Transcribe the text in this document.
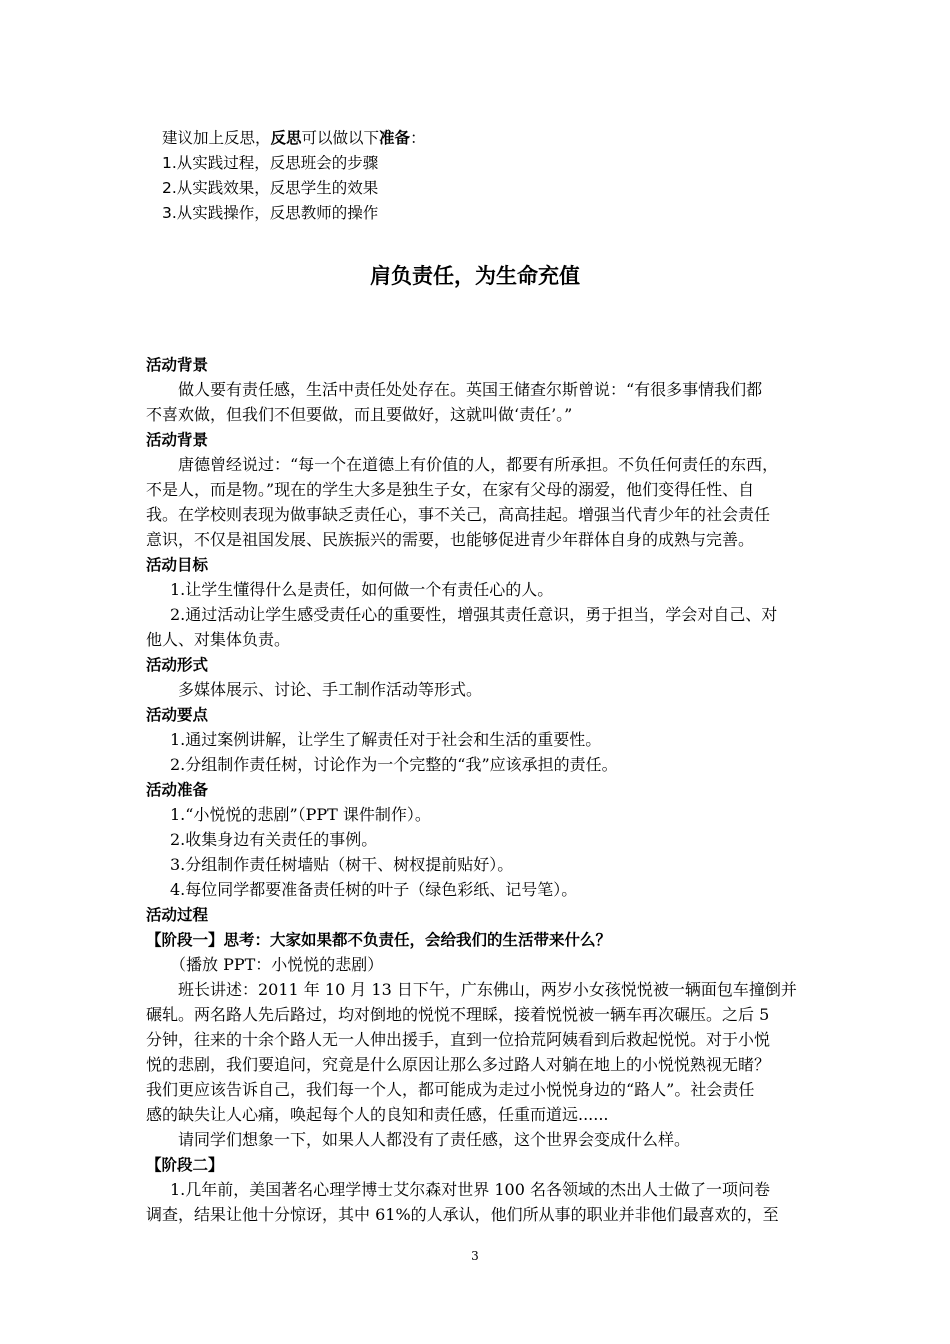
建议加上反思，反思可以做以下准备：
1.从实践过程，反思班会的步骤
2.从实践效果，反思学生的效果
3.从实践操作，反思教师的操作
肩负责任，为生命充值
活动背景
做人要有责任感，生活中责任处处存在。英国王储查尔斯曾说：“有很多事情我们都
不喜欢做，但我们不但要做，而且要做好，这就叫做‘责任’。”
活动背景
唐德曾经说过：“每一个在道德上有价值的人，都要有所承担。不负任何责任的东西，
不是人，而是物。”现在的学生大多是独生子女，在家有父母的溺爱，他们变得任性、自
我。在学校则表现为做事缺乏责任心，事不关己，高高挂起。增强当代青少年的社会责任
意识，不仅是祖国发展、民族振兴的需要，也能够促进青少年群体自身的成熟与完善。
活动目标
1.让学生懂得什么是责任，如何做一个有责任心的人。
2.通过活动让学生感受责任心的重要性，增强其责任意识，勇于担当，学会对自己、对
他人、对集体负责。
活动形式
多媒体展示、讨论、手工制作活动等形式。
活动要点
1.通过案例讲解，让学生了解责任对于社会和生活的重要性。
2.分组制作责任树，讨论作为一个完整的“我”应该承担的责任。
活动准备
1.“小悦悦的悲剧”（PPT 课件制作）。
2.收集身边有关责任的事例。
3.分组制作责任树墙贴（树干、树杈提前贴好）。
4.每位同学都要准备责任树的叶子（绿色彩纸、记号笔）。
活动过程
【阶段一】思考：大家如果都不负责任，会给我们的生活带来什么？
（播放 PPT：小悦悦的悲剧）
班长讲述：2011 年 10 月 13 日下午，广东佛山，两岁小女孩悦悦被一辆面包车撞倒并
碾轧。两名路人先后路过，均对倒地的悦悦不理睬，接着悦悦被一辆车再次碾压。之后 5
分钟，往来的十余个路人无一人伸出援手，直到一位拾荒阿姨看到后救起悦悦。对于小悦
悦的悲剧，我们要追问，究竟是什么原因让那么多过路人对躺在地上的小悦悦熟视无睹？
我们更应该告诉自己，我们每一个人，都可能成为走过小悦悦身边的“路人”。社会责任
感的缺失让人心痛，唤起每个人的良知和责任感，任重而道远......
请同学们想象一下，如果人人都没有了责任感，这个世界会变成什么样。
【阶段二】
1.几年前，美国著名心理学博士艾尔森对世界 100 名各领域的杰出人士做了一项问卷
调查，结果让他十分惊讶，其中 61%的人承认，他们所从事的职业并非他们最喜欢的，至
3
